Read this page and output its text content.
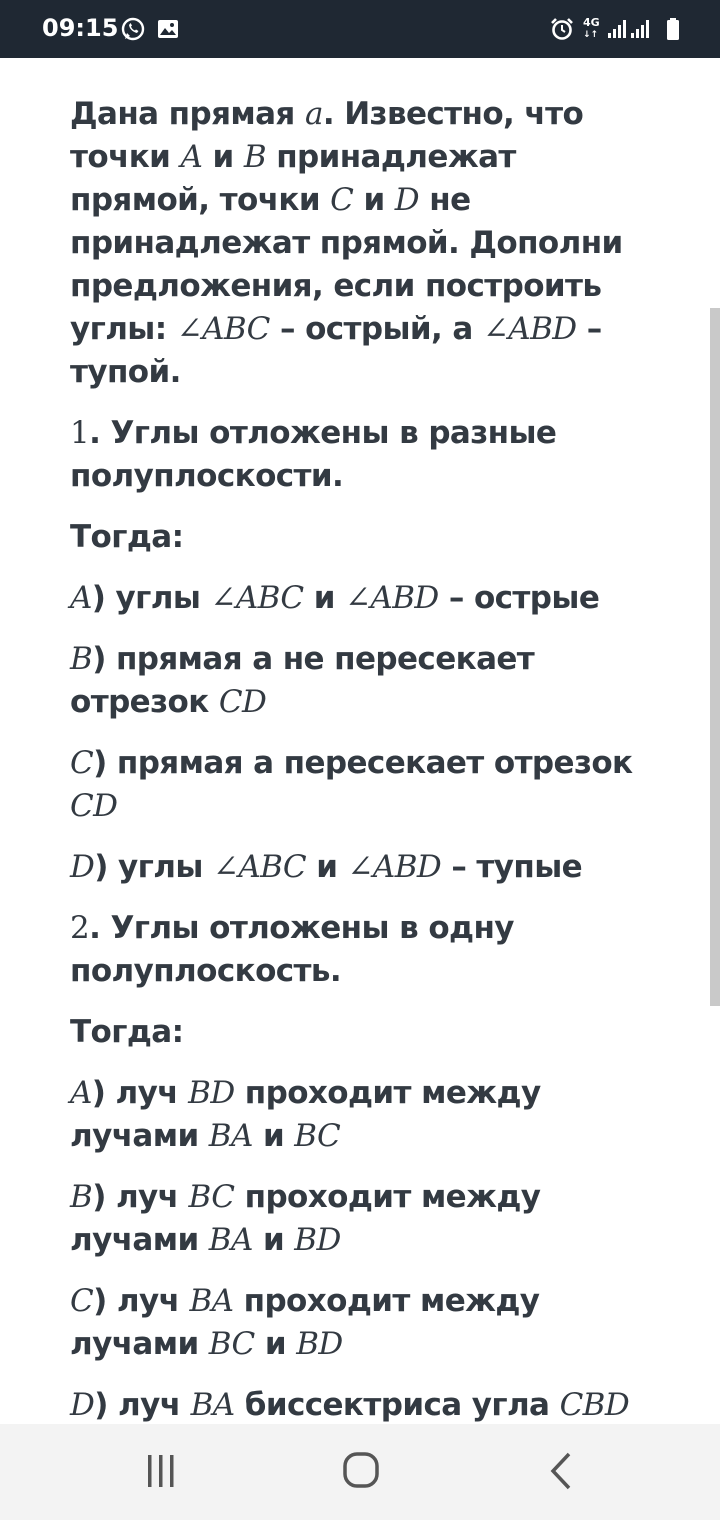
09:15	4G
↓↑

Дана прямая a. Известно, что точки A и B принадлежат прямой, точки C и D не принадлежат прямой. Дополни предложения, если построить углы: ∠ABC – острый, а ∠ABD – тупой.

1. Углы отложены в разные полуплоскости.

Тогда:

A) углы ∠ABC и ∠ABD – острые

B) прямая а не пересекает отрезок CD

C) прямая а пересекает отрезок CD

D) углы ∠ABC и ∠ABD – тупые

2. Углы отложены в одну полуплоскость.

Тогда:

A) луч BD проходит между лучами BA и BC

B) луч BC проходит между лучами BA и BD

C) луч BA проходит между лучами BC и BD

D) луч BA биссектриса угла CBD
